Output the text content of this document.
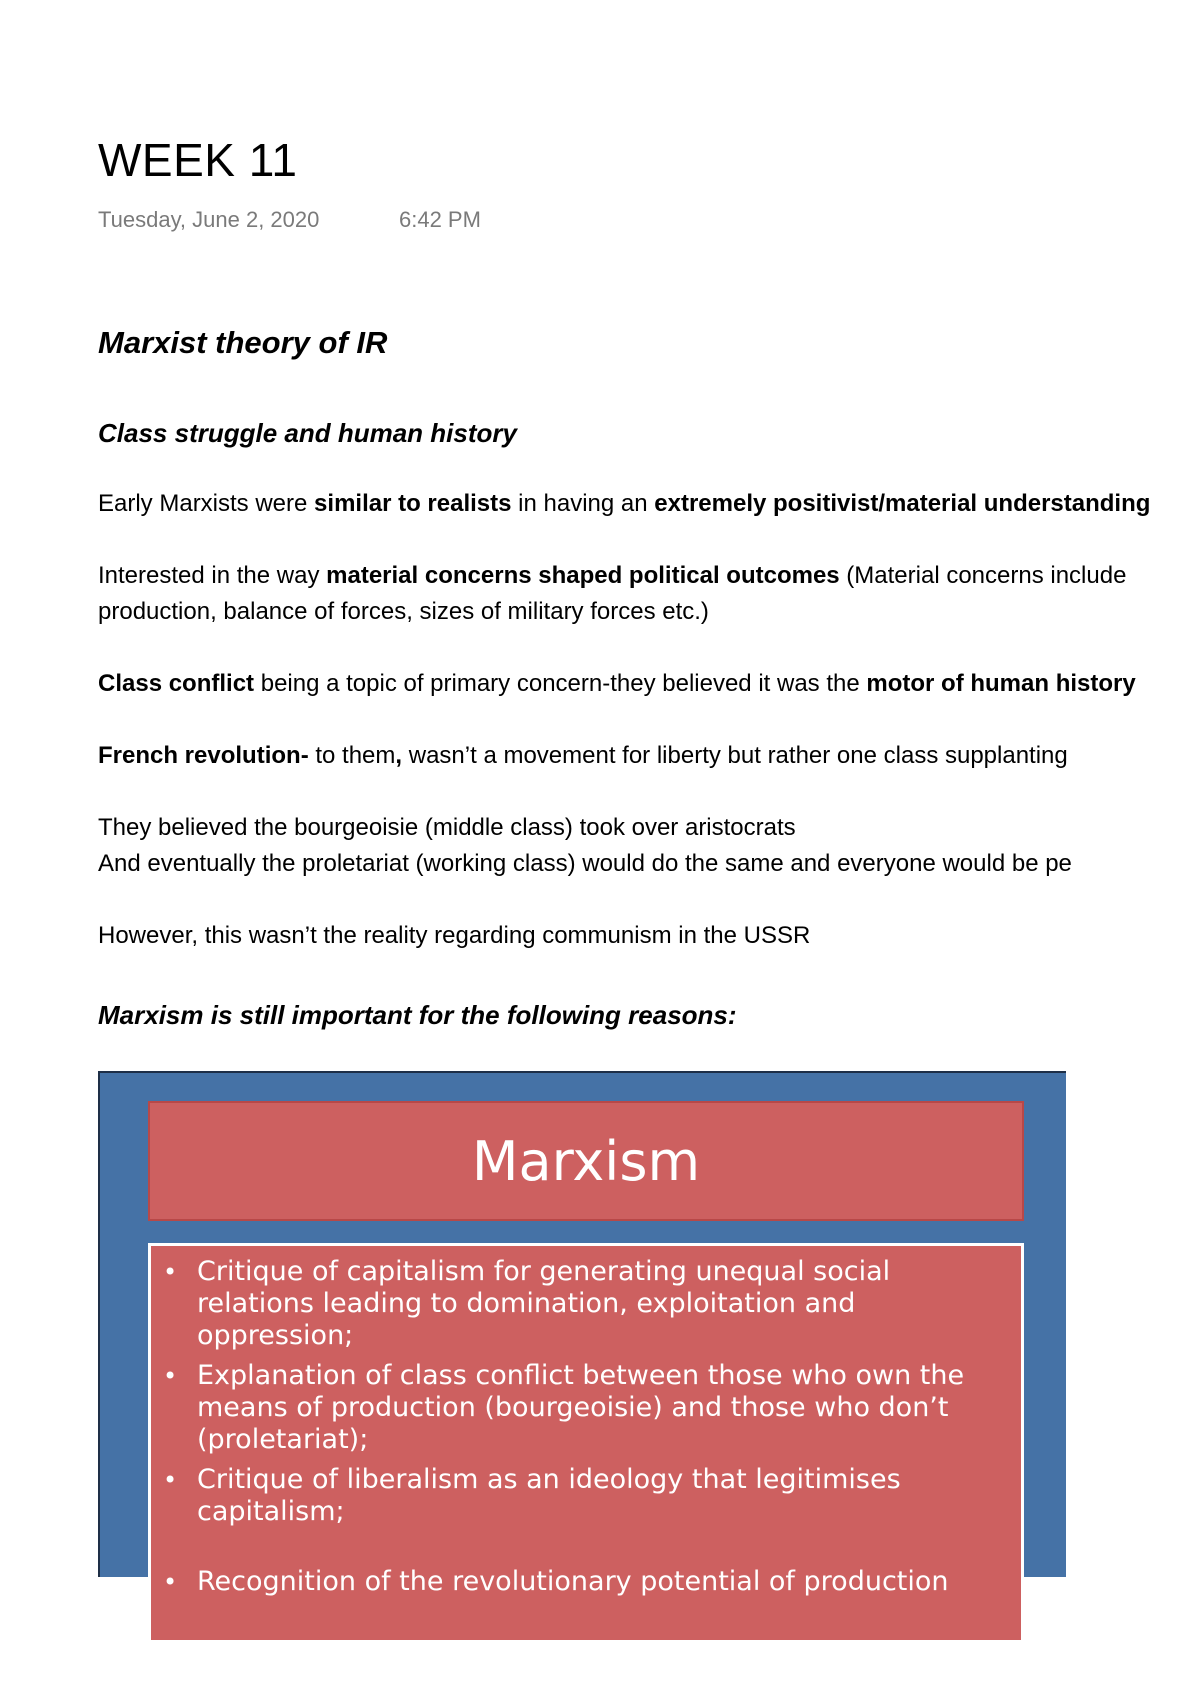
WEEK 11
Tuesday, June 2, 2020	6:42 PM
Marxist theory of IR
Class struggle and human history
Early Marxists were similar to realists in having an extremely positivist/material understanding
Interested in the way material concerns shaped political outcomes (Material concerns include
production, balance of forces, sizes of military forces etc.)
Class conflict being a topic of primary concern-they believed it was the motor of human history
French revolution- to them, wasn’t a movement for liberty but rather one class supplanting
They believed the bourgeoisie (middle class) took over aristocrats
And eventually the proletariat (working class) would do the same and everyone would be pe
However, this wasn’t the reality regarding communism in the USSR
Marxism is still important for the following reasons:
Marxism
• Critique of capitalism for generating unequal social relations leading to domination, exploitation and oppression;
• Explanation of class conflict between those who own the means of production (bourgeoisie) and those who don’t (proletariat);
• Critique of liberalism as an ideology that legitimises capitalism;
• Recognition of the revolutionary potential of production
